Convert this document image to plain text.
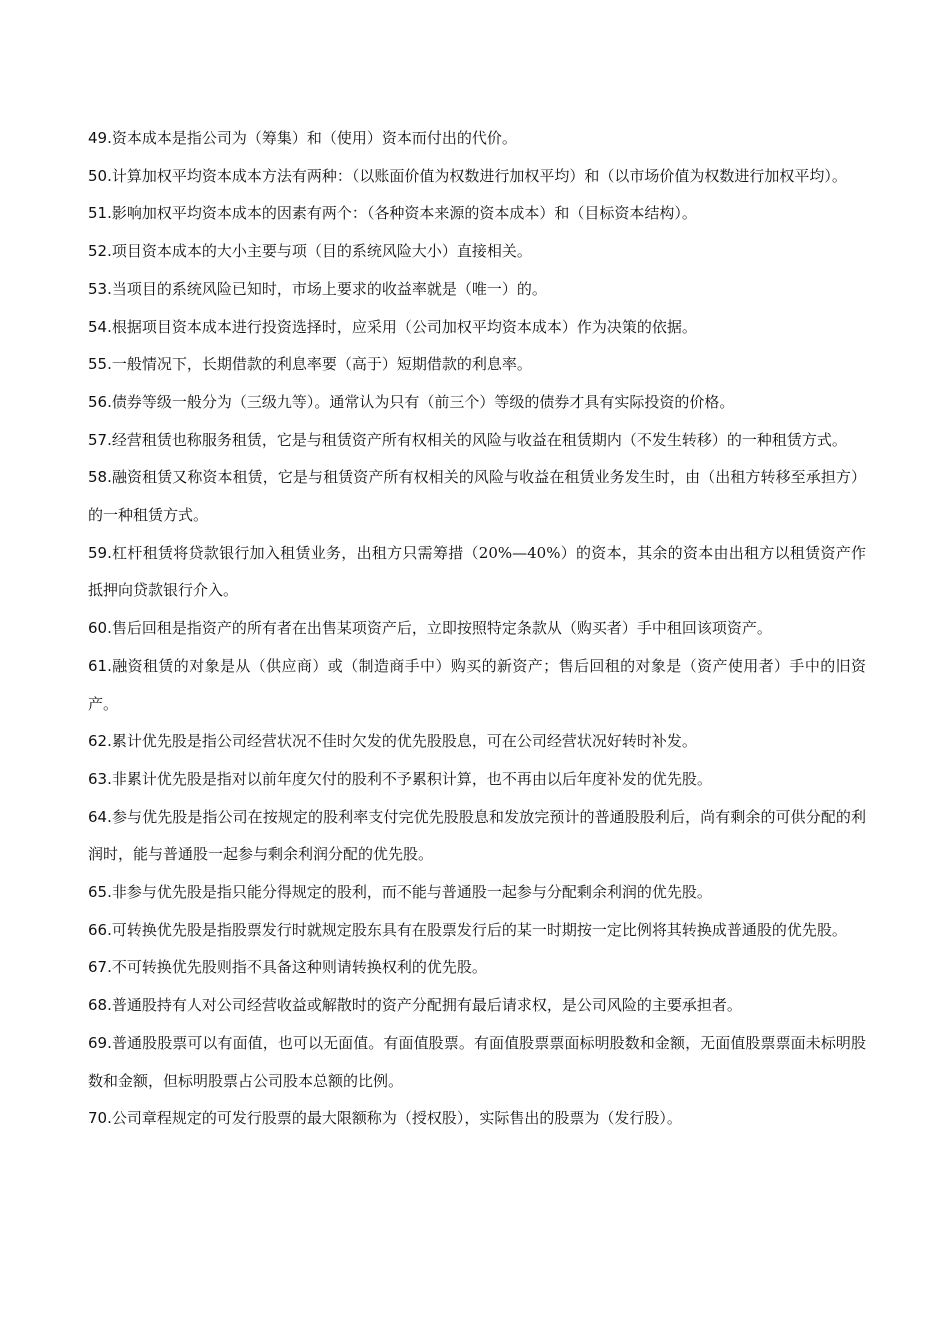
49.资本成本是指公司为（筹集）和（使用）资本而付出的代价。

50.计算加权平均资本成本方法有两种：（以账面价值为权数进行加权平均）和（以市场价值为权数进行加权平均）。

51.影响加权平均资本成本的因素有两个：（各种资本来源的资本成本）和（目标资本结构）。

52.项目资本成本的大小主要与项（目的系统风险大小）直接相关。

53.当项目的系统风险已知时，市场上要求的收益率就是（唯一）的。

54.根据项目资本成本进行投资选择时，应采用（公司加权平均资本成本）作为决策的依据。

55.一般情况下，长期借款的利息率要（高于）短期借款的利息率。

56.债券等级一般分为（三级九等）。通常认为只有（前三个）等级的债券才具有实际投资的价格。

57.经营租赁也称服务租赁，它是与租赁资产所有权相关的风险与收益在租赁期内（不发生转移）的一种租赁方式。

58.融资租赁又称资本租赁，它是与租赁资产所有权相关的风险与收益在租赁业务发生时，由（出租方转移至承担方）的一种租赁方式。

59.杠杆租赁将贷款银行加入租赁业务，出租方只需筹措（20%—40%）的资本，其余的资本由出租方以租赁资产作抵押向贷款银行介入。

60.售后回租是指资产的所有者在出售某项资产后，立即按照特定条款从（购买者）手中租回该项资产。

61.融资租赁的对象是从（供应商）或（制造商手中）购买的新资产；售后回租的对象是（资产使用者）手中的旧资产。

62.累计优先股是指公司经营状况不佳时欠发的优先股股息，可在公司经营状况好转时补发。

63.非累计优先股是指对以前年度欠付的股利不予累积计算，也不再由以后年度补发的优先股。

64.参与优先股是指公司在按规定的股利率支付完优先股股息和发放完预计的普通股股利后，尚有剩余的可供分配的利润时，能与普通股一起参与剩余利润分配的优先股。

65.非参与优先股是指只能分得规定的股利，而不能与普通股一起参与分配剩余利润的优先股。

66.可转换优先股是指股票发行时就规定股东具有在股票发行后的某一时期按一定比例将其转换成普通股的优先股。

67.不可转换优先股则指不具备这种则请转换权利的优先股。

68.普通股持有人对公司经营收益或解散时的资产分配拥有最后请求权，是公司风险的主要承担者。

69.普通股股票可以有面值，也可以无面值。有面值股票。有面值股票票面标明股数和金额，无面值股票票面未标明股数和金额，但标明股票占公司股本总额的比例。

70.公司章程规定的可发行股票的最大限额称为（授权股），实际售出的股票为（发行股）。
